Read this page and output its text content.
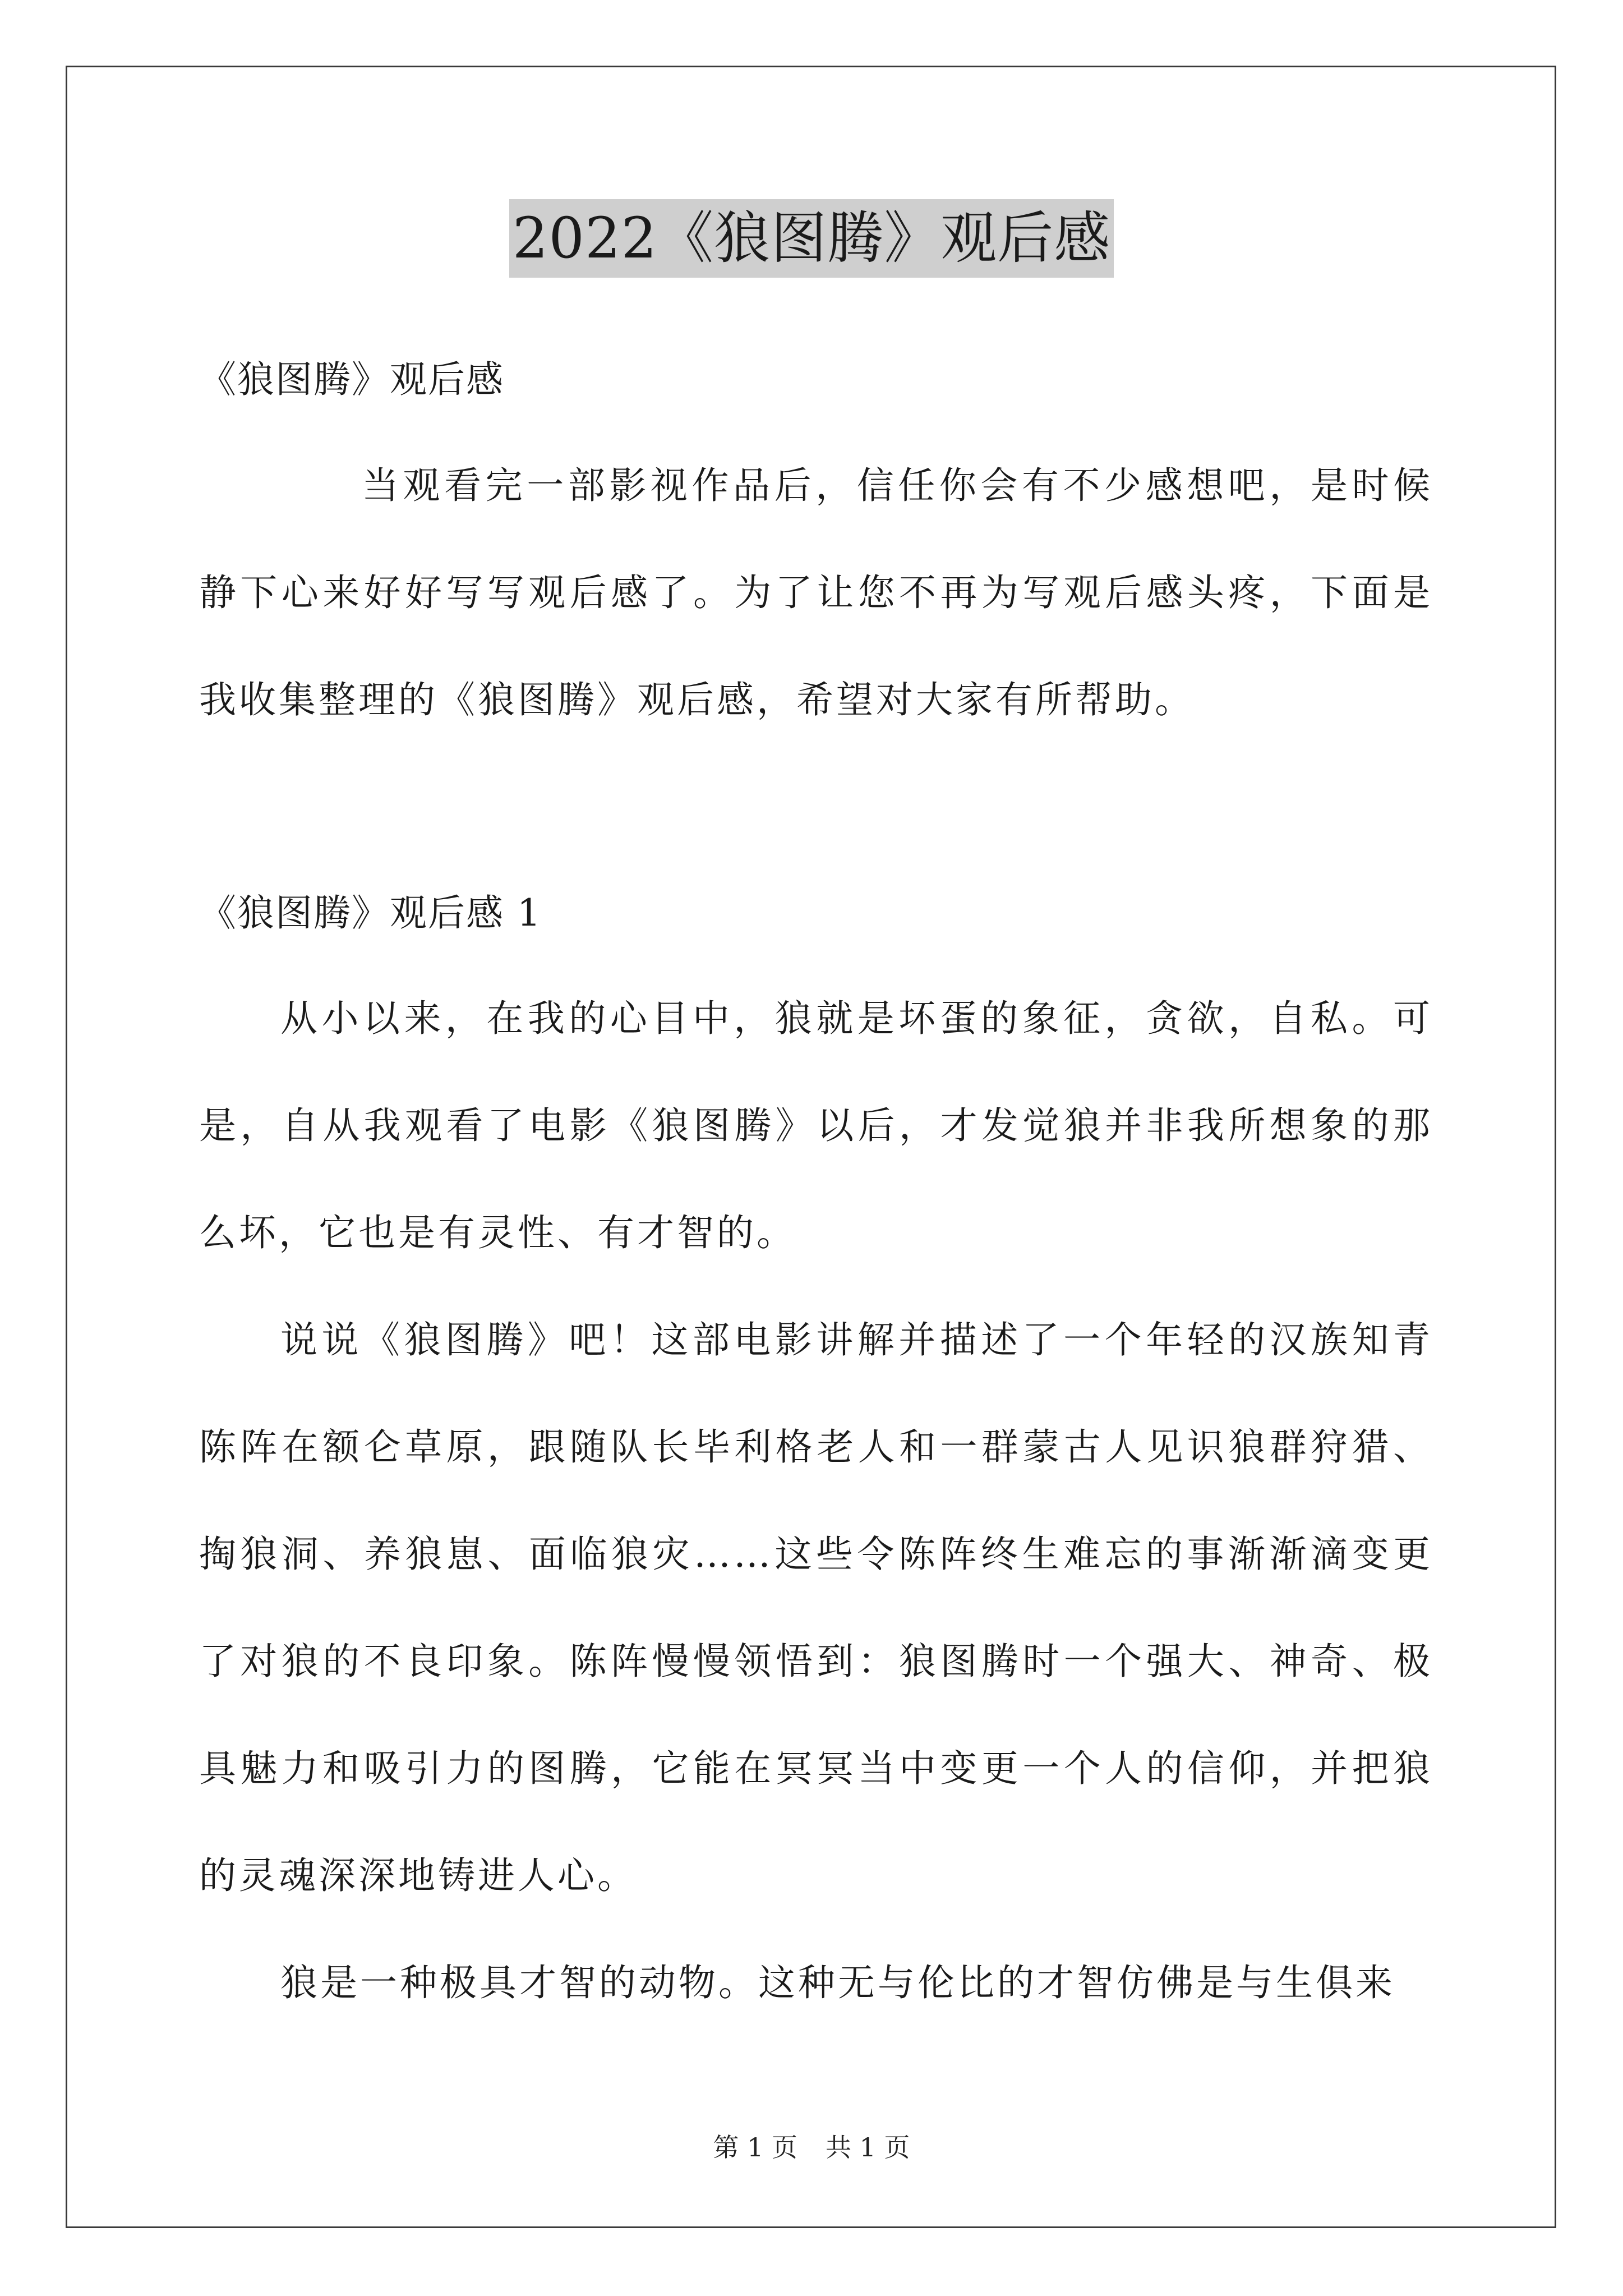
2022《狼图腾》观后感
《狼图腾》观后感
当观看完一部影视作品后，信任你会有不少感想吧，是时候静下心来好好写写观后感了。为了让您不再为写观后感头疼，下面是我收集整理的《狼图腾》观后感，希望对大家有所帮助。
《狼图腾》观后感 1
从小以来，在我的心目中，狼就是坏蛋的象征，贪欲，自私。可是，自从我观看了电影《狼图腾》以后，才发觉狼并非我所想象的那么坏，它也是有灵性、有才智的。
说说《狼图腾》吧！这部电影讲解并描述了一个年轻的汉族知青陈阵在额仑草原，跟随队长毕利格老人和一群蒙古人见识狼群狩猎、掏狼洞、养狼崽、面临狼灾……这些令陈阵终生难忘的事渐渐滴变更了对狼的不良印象。陈阵慢慢领悟到：狼图腾时一个强大、神奇、极具魅力和吸引力的图腾，它能在冥冥当中变更一个人的信仰，并把狼的灵魂深深地铸进人心。
狼是一种极具才智的动物。这种无与伦比的才智仿佛是与生俱来
第 1 页 共 1 页
